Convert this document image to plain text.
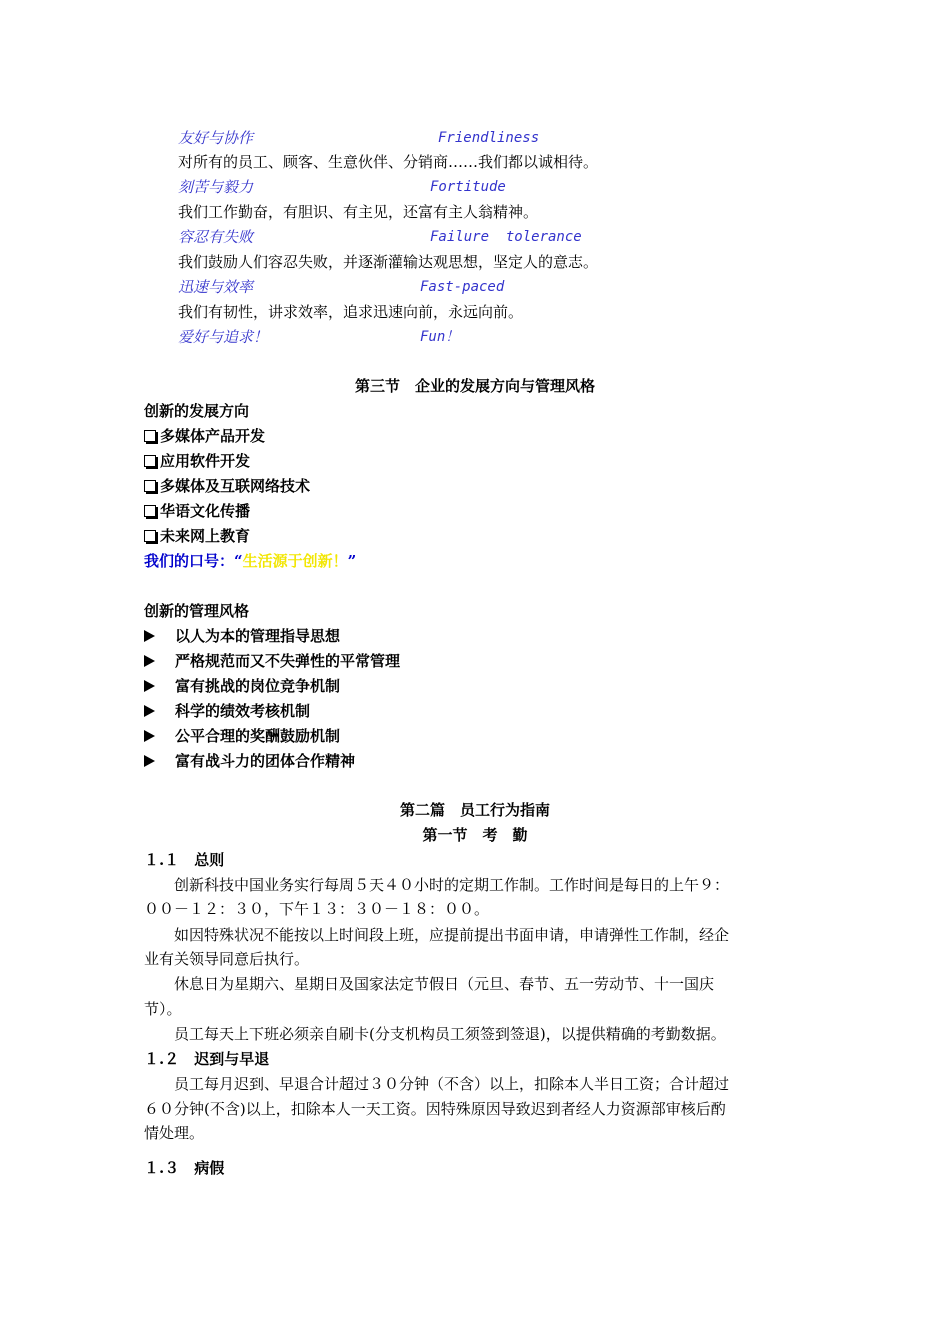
友好与协作	Friendliness
对所有的员工、顾客、生意伙伴、分销商……我们都以诚相待。
刻苦与毅力	Fortitude
我们工作勤奋，有胆识、有主见，还富有主人翁精神。
容忍有失败	Failure  tolerance
我们鼓励人们容忍失败，并逐渐灌输达观思想，坚定人的意志。
迅速与效率	Fast-paced
我们有韧性，讲求效率，追求迅速向前，永远向前。
爱好与追求！	Fun！
第三节　企业的发展方向与管理风格
创新的发展方向
多媒体产品开发
应用软件开发
多媒体及互联网络技术
华语文化传播
未来网上教育
我们的口号：“生活源于创新！”
创新的管理风格
以人为本的管理指导思想
严格规范而又不失弹性的平常管理
富有挑战的岗位竞争机制
科学的绩效考核机制
公平合理的奖酬鼓励机制
富有战斗力的团体合作精神
第二篇　员工行为指南
第一节　考　勤
１.１　总则
　　创新科技中国业务实行每周５天４０小时的定期工作制。工作时间是每日的上午９：
００－１２：３０，下午１３：３０－１８：００。
　　如因特殊状况不能按以上时间段上班，应提前提出书面申请，申请弹性工作制，经企
业有关领导同意后执行。
　　休息日为星期六、星期日及国家法定节假日（元旦、春节、五一劳动节、十一国庆
节）。
　　员工每天上下班必须亲自刷卡(分支机构员工须签到签退)，以提供精确的考勤数据。
１.２　迟到与早退
　　员工每月迟到、早退合计超过３０分钟（不含）以上，扣除本人半日工资；合计超过
６０分钟(不含)以上，扣除本人一天工资。因特殊原因导致迟到者经人力资源部审核后酌
情处理。
１.３　病假
